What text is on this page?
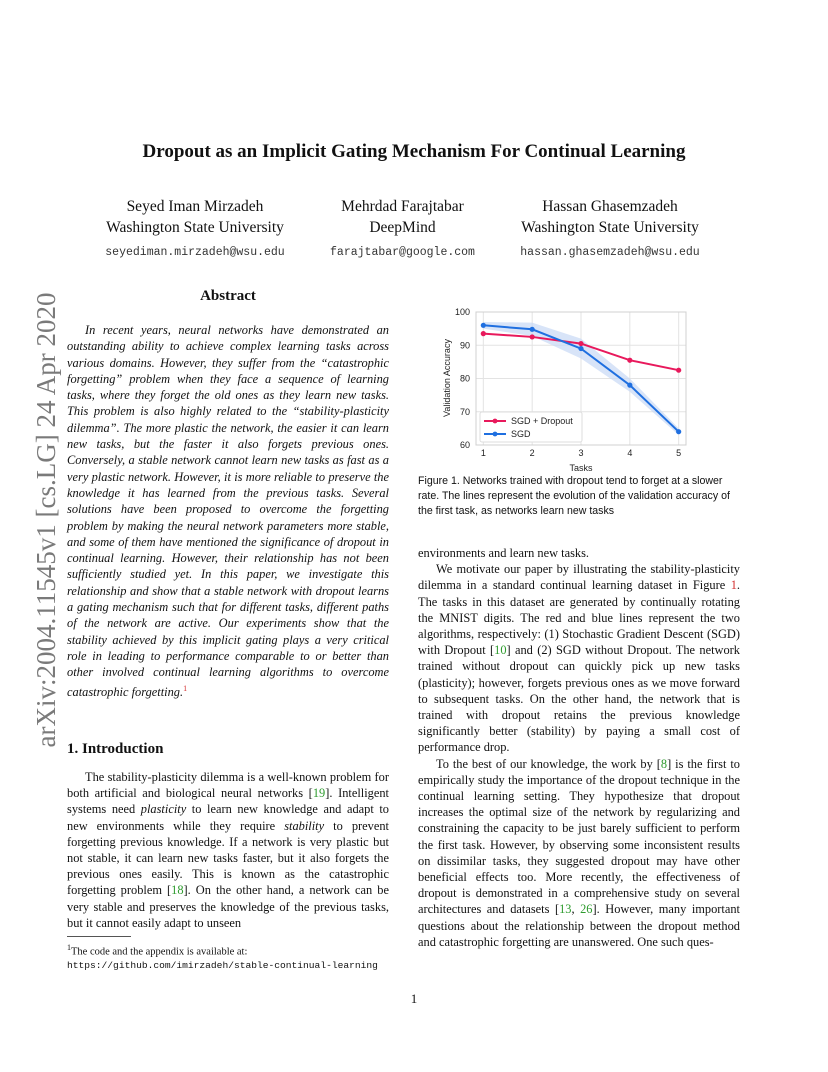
arXiv:2004.11545v1 [cs.LG] 24 Apr 2020
Dropout as an Implicit Gating Mechanism For Continual Learning
Seyed Iman Mirzadeh
Washington State University
seyediman.mirzadeh@wsu.edu
Mehrdad Farajtabar
DeepMind
farajtabar@google.com
Hassan Ghasemzadeh
Washington State University
hassan.ghasemzadeh@wsu.edu
Abstract

In recent years, neural networks have demonstrated an outstanding ability to achieve complex learning tasks across various domains. However, they suffer from the “catastrophic forgetting” problem when they face a sequence of learning tasks, where they forget the old ones as they learn new tasks. This problem is also highly related to the “stability-plasticity dilemma”. The more plastic the network, the easier it can learn new tasks, but the faster it also forgets previous ones. Conversely, a stable network cannot learn new tasks as fast as a very plastic network. However, it is more reliable to preserve the knowledge it has learned from the previous tasks. Several solutions have been proposed to overcome the forgetting problem by making the neural network parameters more stable, and some of them have mentioned the significance of dropout in continual learning. However, their relationship has not been sufficiently studied yet. In this paper, we investigate this relationship and show that a stable network with dropout learns a gating mechanism such that for different tasks, different paths of the network are active. Our experiments show that the stability achieved by this implicit gating plays a very critical role in leading to performance comparable to or better than other involved continual learning algorithms to overcome catastrophic forgetting.$^1$

1. Introduction

The stability-plasticity dilemma is a well-known problem for both artificial and biological neural networks [19]. Intelligent systems need plasticity to learn new knowledge and adapt to new environments while they require stability to prevent forgetting previous knowledge. If a network is very plastic but not stable, it can learn new tasks faster, but it also forgets the previous ones easily. This is known as the catastrophic forgetting problem [18]. On the other hand, a network can be very stable and preserves the knowledge of the previous tasks, but it cannot easily adapt to unseen

$^1$The code and the appendix is available at:
https://github.com/imirzadeh/stable-continual-learning
60
70
80
90
100
1	2	3	4	5
Tasks
Validation Accuracy
SGD + Dropout
SGD

Figure 1. Networks trained with dropout tend to forget at a slower rate. The lines represent the evolution of the validation accuracy of the first task, as networks learn new tasks

environments and learn new tasks.

We motivate our paper by illustrating the stability-plasticity dilemma in a standard continual learning dataset in Figure 1. The tasks in this dataset are generated by continually rotating the MNIST digits. The red and blue lines represent the two algorithms, respectively: (1) Stochastic Gradient Descent (SGD) with Dropout [10] and (2) SGD without Dropout. The network trained without dropout can quickly pick up new tasks (plasticity); however, forgets previous ones as we move forward to subsequent tasks. On the other hand, the network that is trained with dropout retains the previous knowledge significantly better (stability) by paying a small cost of performance drop.

To the best of our knowledge, the work by [8] is the first to empirically study the importance of the dropout technique in the continual learning setting. They hypothesize that dropout increases the optimal size of the network by regularizing and constraining the capacity to be just barely sufficient to perform the first task. However, by observing some inconsistent results on dissimilar tasks, they suggested dropout may have other beneficial effects too. More recently, the effectiveness of dropout is demonstrated in a comprehensive study on several architectures and datasets [13, 26]. However, many important questions about the relationship between the dropout method and catastrophic forgetting are unanswered. One such ques-

1
